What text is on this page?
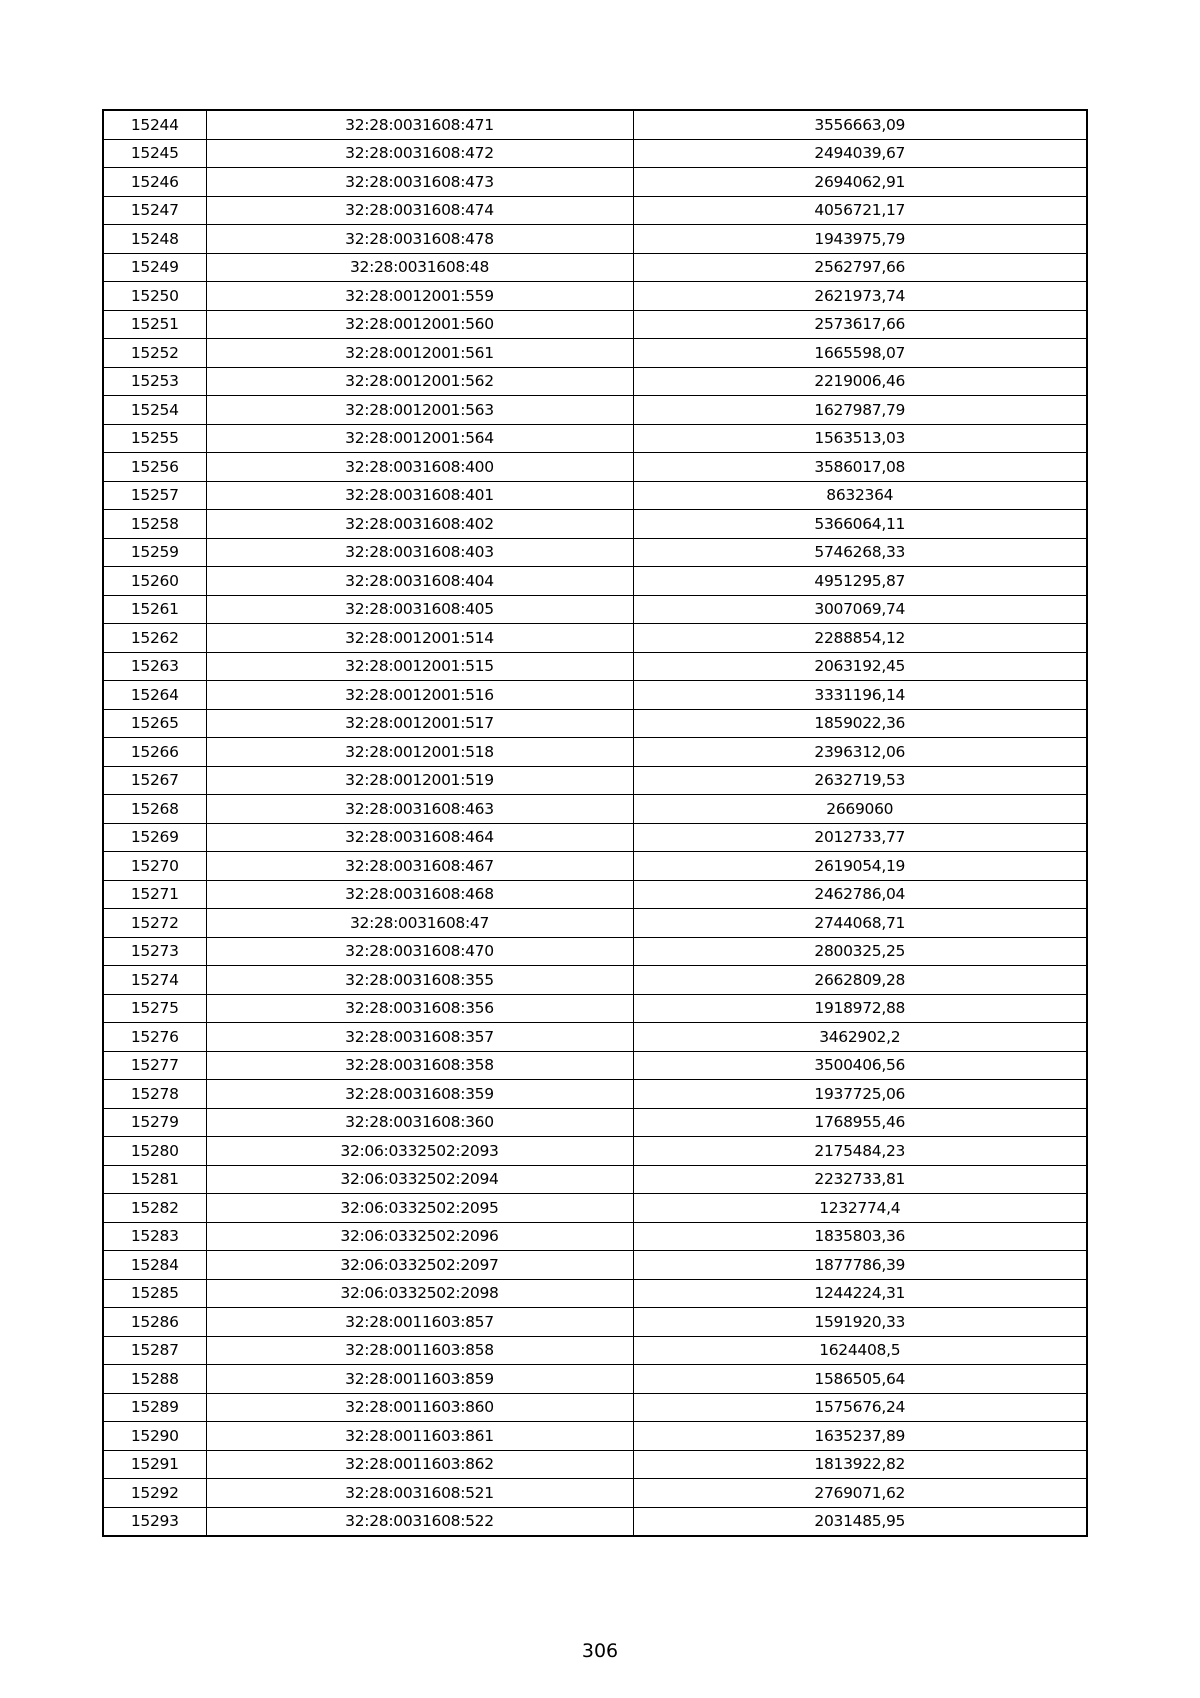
15244	32:28:0031608:471	3556663,09
15245	32:28:0031608:472	2494039,67
15246	32:28:0031608:473	2694062,91
15247	32:28:0031608:474	4056721,17
15248	32:28:0031608:478	1943975,79
15249	32:28:0031608:48	2562797,66
15250	32:28:0012001:559	2621973,74
15251	32:28:0012001:560	2573617,66
15252	32:28:0012001:561	1665598,07
15253	32:28:0012001:562	2219006,46
15254	32:28:0012001:563	1627987,79
15255	32:28:0012001:564	1563513,03
15256	32:28:0031608:400	3586017,08
15257	32:28:0031608:401	8632364
15258	32:28:0031608:402	5366064,11
15259	32:28:0031608:403	5746268,33
15260	32:28:0031608:404	4951295,87
15261	32:28:0031608:405	3007069,74
15262	32:28:0012001:514	2288854,12
15263	32:28:0012001:515	2063192,45
15264	32:28:0012001:516	3331196,14
15265	32:28:0012001:517	1859022,36
15266	32:28:0012001:518	2396312,06
15267	32:28:0012001:519	2632719,53
15268	32:28:0031608:463	2669060
15269	32:28:0031608:464	2012733,77
15270	32:28:0031608:467	2619054,19
15271	32:28:0031608:468	2462786,04
15272	32:28:0031608:47	2744068,71
15273	32:28:0031608:470	2800325,25
15274	32:28:0031608:355	2662809,28
15275	32:28:0031608:356	1918972,88
15276	32:28:0031608:357	3462902,2
15277	32:28:0031608:358	3500406,56
15278	32:28:0031608:359	1937725,06
15279	32:28:0031608:360	1768955,46
15280	32:06:0332502:2093	2175484,23
15281	32:06:0332502:2094	2232733,81
15282	32:06:0332502:2095	1232774,4
15283	32:06:0332502:2096	1835803,36
15284	32:06:0332502:2097	1877786,39
15285	32:06:0332502:2098	1244224,31
15286	32:28:0011603:857	1591920,33
15287	32:28:0011603:858	1624408,5
15288	32:28:0011603:859	1586505,64
15289	32:28:0011603:860	1575676,24
15290	32:28:0011603:861	1635237,89
15291	32:28:0011603:862	1813922,82
15292	32:28:0031608:521	2769071,62
15293	32:28:0031608:522	2031485,95
306
